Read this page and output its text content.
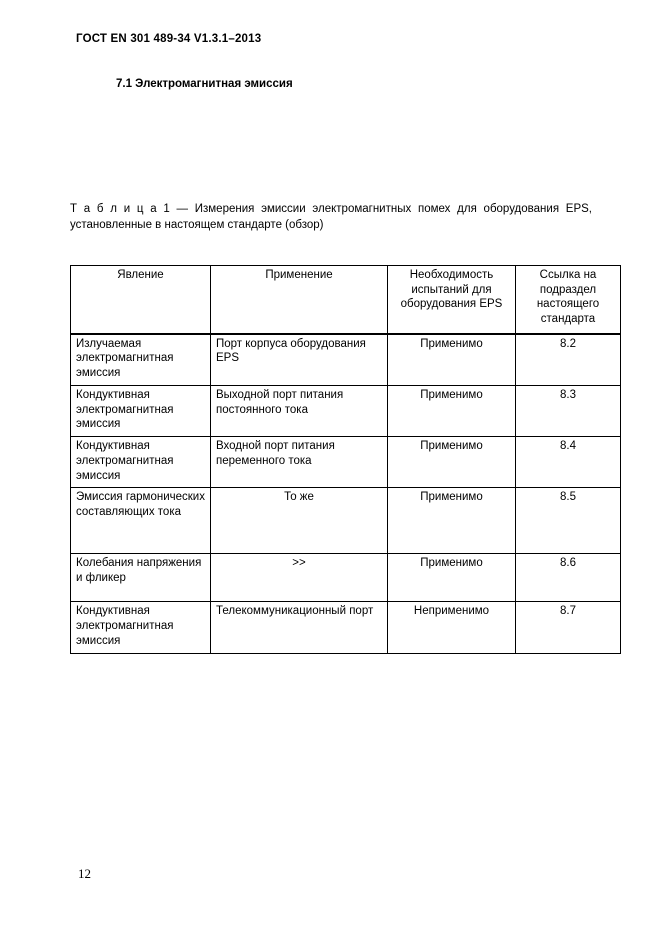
ГОСТ EN 301 489-34 V1.3.1–2013
7.1 Электромагнитная эмиссия

Т а б л и ц а 1 — Измерения эмиссии электромагнитных помех для оборудования EPS, установленные в настоящем стандарте (обзор)

Явление	Применение	Необходимость испытаний для оборудования EPS	Ссылка на подраздел настоящего стандарта
Излучаемая электромагнитная эмиссия	Порт корпуса оборудования EPS	Применимо	8.2
Кондуктивная электромагнитная эмиссия	Выходной порт питания постоянного тока	Применимо	8.3
Кондуктивная электромагнитная эмиссия	Входной порт питания переменного тока	Применимо	8.4
Эмиссия гармонических составляющих тока	То же	Применимо	8.5
Колебания напряжения и фликер	>>	Применимо	8.6
Кондуктивная электромагнитная эмиссия	Телекоммуникационный порт	Неприменимо	8.7
12
